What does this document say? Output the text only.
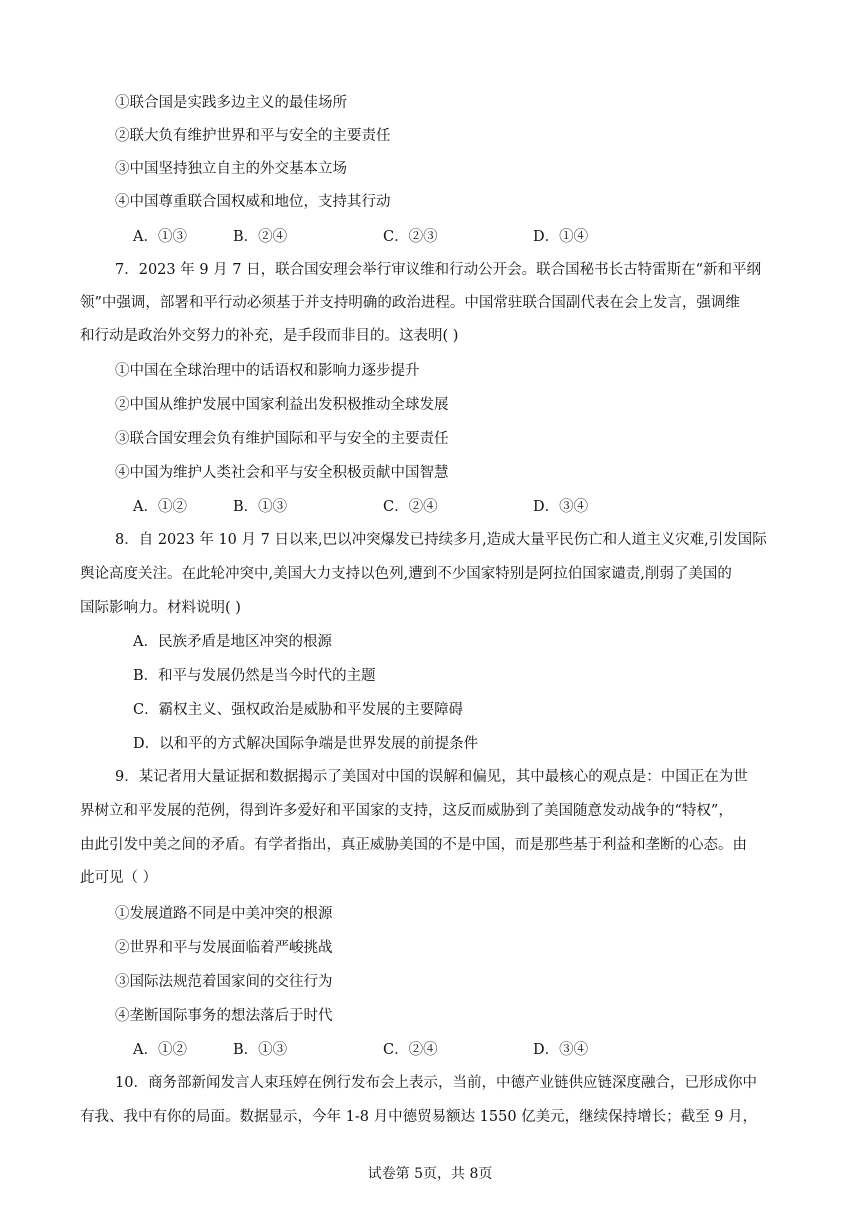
①联合国是实践多边主义的最佳场所
②联大负有维护世界和平与安全的主要责任
③中国坚持独立自主的外交基本立场
④中国尊重联合国权威和地位，支持其行动
A．①③	B．②④	C．②③	D．①④
7．2023 年 9 月 7 日，联合国安理会举行审议维和行动公开会。联合国秘书长古特雷斯在“新和平纲
领”中强调，部署和平行动必须基于并支持明确的政治进程。中国常驻联合国副代表在会上发言，强调维
和行动是政治外交努力的补充，是手段而非目的。这表明( )
①中国在全球治理中的话语权和影响力逐步提升
②中国从维护发展中国家利益出发积极推动全球发展
③联合国安理会负有维护国际和平与安全的主要责任
④中国为维护人类社会和平与安全积极贡献中国智慧
A．①②	B．①③	C．②④	D．③④
8．自 2023 年 10 月 7 日以来,巴以冲突爆发已持续多月,造成大量平民伤亡和人道主义灾难,引发国际
舆论高度关注。在此轮冲突中,美国大力支持以色列,遭到不少国家特别是阿拉伯国家谴责,削弱了美国的
国际影响力。材料说明( )
A．民族矛盾是地区冲突的根源
B．和平与发展仍然是当今时代的主题
C．霸权主义、强权政治是威胁和平发展的主要障碍
D．以和平的方式解决国际争端是世界发展的前提条件
9．某记者用大量证据和数据揭示了美国对中国的误解和偏见，其中最核心的观点是：中国正在为世
界树立和平发展的范例，得到许多爱好和平国家的支持，这反而威胁到了美国随意发动战争的“特权”，
由此引发中美之间的矛盾。有学者指出，真正威胁美国的不是中国，而是那些基于利益和垄断的心态。由
此可见（ ）
①发展道路不同是中美冲突的根源
②世界和平与发展面临着严峻挑战
③国际法规范着国家间的交往行为
④垄断国际事务的想法落后于时代
A．①②	B．①③	C．②④	D．③④
10．商务部新闻发言人束珏婷在例行发布会上表示，当前，中德产业链供应链深度融合，已形成你中
有我、我中有你的局面。数据显示，今年 1-8 月中德贸易额达 1550 亿美元，继续保持增长；截至 9 月，
试卷第 5页，共 8页
